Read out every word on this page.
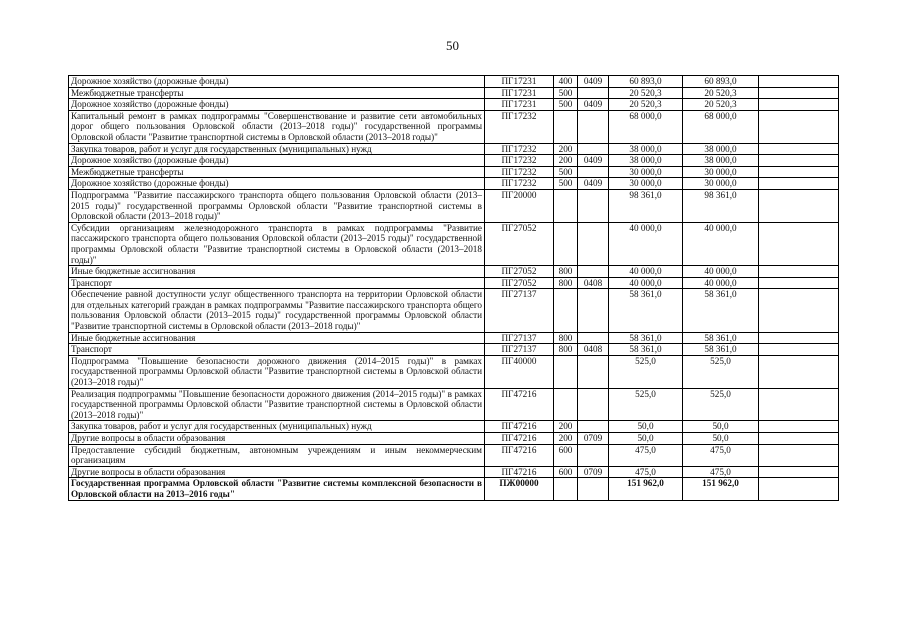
50
Дорожное хозяйство (дорожные фонды)	ПГ17231	400	0409	60 893,0	60 893,0	
Межбюджетные трансферты	ПГ17231	500		20 520,3	20 520,3	
Дорожное хозяйство (дорожные фонды)	ПГ17231	500	0409	20 520,3	20 520,3	
Капитальный ремонт в рамках подпрограммы "Совершенствование и развитие сети автомобильных дорог общего пользования Орловской области (2013–2018 годы)" государственной программы Орловской области "Развитие транспортной системы в Орловской области (2013–2018 годы)"	ПГ17232			68 000,0	68 000,0	
Закупка товаров, работ и услуг для государственных (муниципальных) нужд	ПГ17232	200		38 000,0	38 000,0	
Дорожное хозяйство (дорожные фонды)	ПГ17232	200	0409	38 000,0	38 000,0	
Межбюджетные трансферты	ПГ17232	500		30 000,0	30 000,0	
Дорожное хозяйство (дорожные фонды)	ПГ17232	500	0409	30 000,0	30 000,0	
Подпрограмма "Развитие пассажирского транспорта общего пользования Орловской области (2013–2015 годы)" государственной программы Орловской области "Развитие транспортной системы в Орловской области (2013–2018 годы)"	ПГ20000			98 361,0	98 361,0	
Субсидии организациям железнодорожного транспорта в рамках подпрограммы "Развитие пассажирского транспорта общего пользования Орловской области (2013–2015 годы)" государственной программы Орловской области "Развитие транспортной системы в Орловской области (2013–2018 годы)"	ПГ27052			40 000,0	40 000,0	
Иные бюджетные ассигнования	ПГ27052	800		40 000,0	40 000,0	
Транспорт	ПГ27052	800	0408	40 000,0	40 000,0	
Обеспечение равной доступности услуг общественного транспорта на территории Орловской области для отдельных категорий граждан в рамках подпрограммы "Развитие пассажирского транспорта общего пользования Орловской области (2013–2015 годы)" государственной программы Орловской области "Развитие транспортной системы в Орловской области (2013–2018 годы)"	ПГ27137			58 361,0	58 361,0	
Иные бюджетные ассигнования	ПГ27137	800		58 361,0	58 361,0	
Транспорт	ПГ27137	800	0408	58 361,0	58 361,0	
Подпрограмма "Повышение безопасности дорожного движения (2014–2015 годы)" в рамках государственной программы Орловской области "Развитие транспортной системы в Орловской области (2013–2018 годы)"	ПГ40000			525,0	525,0	
Реализация подпрограммы "Повышение безопасности дорожного движения (2014–2015 годы)" в рамках государственной программы Орловской области "Развитие транспортной системы в Орловской области (2013–2018 годы)"	ПГ47216			525,0	525,0	
Закупка товаров, работ и услуг для государственных (муниципальных) нужд	ПГ47216	200		50,0	50,0	
Другие вопросы в области образования	ПГ47216	200	0709	50,0	50,0	
Предоставление субсидий бюджетным, автономным учреждениям и иным некоммерческим организациям	ПГ47216	600		475,0	475,0	
Другие вопросы в области образования	ПГ47216	600	0709	475,0	475,0	
Государственная программа Орловской области "Развитие системы комплексной безопасности в Орловской области на 2013–2016 годы"	ПЖ00000			151 962,0	151 962,0	
